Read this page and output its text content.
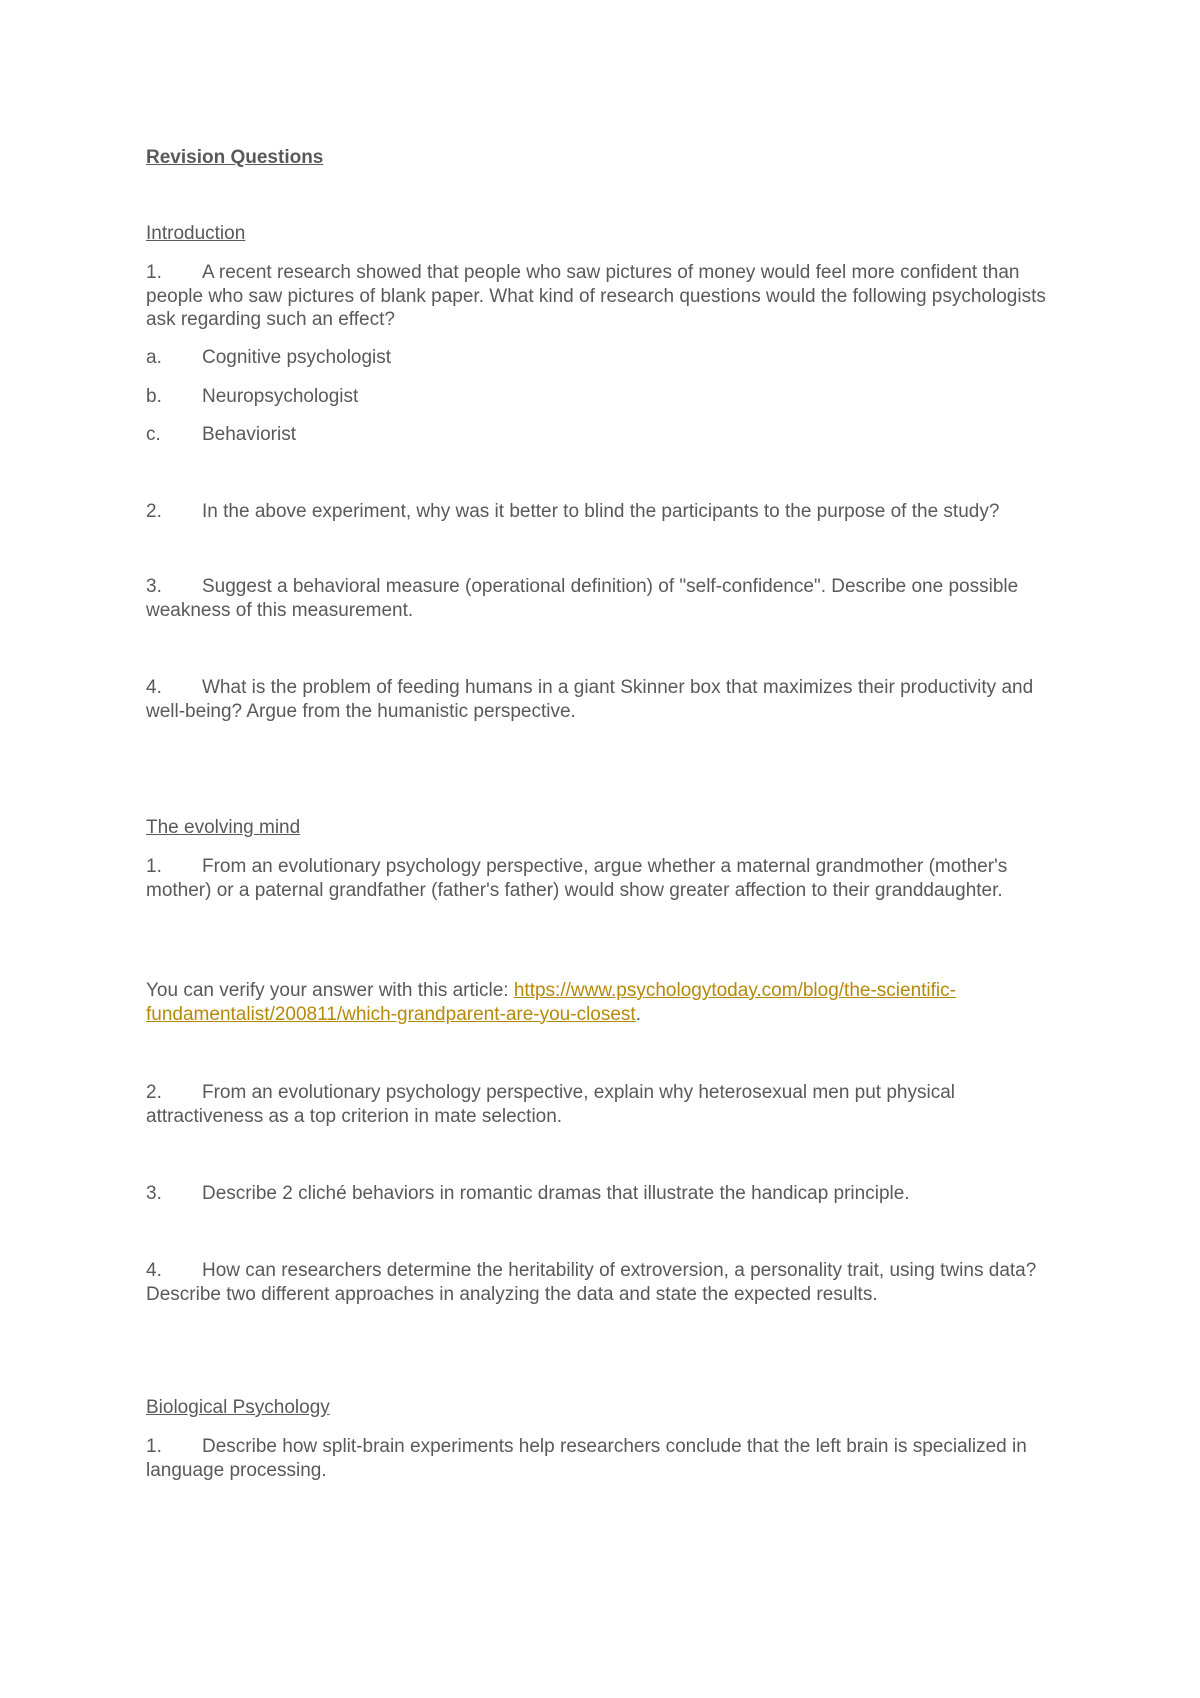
Revision Questions
Introduction
1. A recent research showed that people who saw pictures of money would feel more confident than people who saw pictures of blank paper. What kind of research questions would the following psychologists ask regarding such an effect?
a. Cognitive psychologist
b. Neuropsychologist
c. Behaviorist
2. In the above experiment, why was it better to blind the participants to the purpose of the study?
3. Suggest a behavioral measure (operational definition) of "self-confidence". Describe one possible weakness of this measurement.
4. What is the problem of feeding humans in a giant Skinner box that maximizes their productivity and well-being? Argue from the humanistic perspective.
The evolving mind
1. From an evolutionary psychology perspective, argue whether a maternal grandmother (mother's mother) or a paternal grandfather (father's father) would show greater affection to their granddaughter.
You can verify your answer with this article: https://www.psychologytoday.com/blog/the-scientific-fundamentalist/200811/which-grandparent-are-you-closest.
2. From an evolutionary psychology perspective, explain why heterosexual men put physical attractiveness as a top criterion in mate selection.
3. Describe 2 cliché behaviors in romantic dramas that illustrate the handicap principle.
4. How can researchers determine the heritability of extroversion, a personality trait, using twins data? Describe two different approaches in analyzing the data and state the expected results.
Biological Psychology
1. Describe how split-brain experiments help researchers conclude that the left brain is specialized in language processing.
